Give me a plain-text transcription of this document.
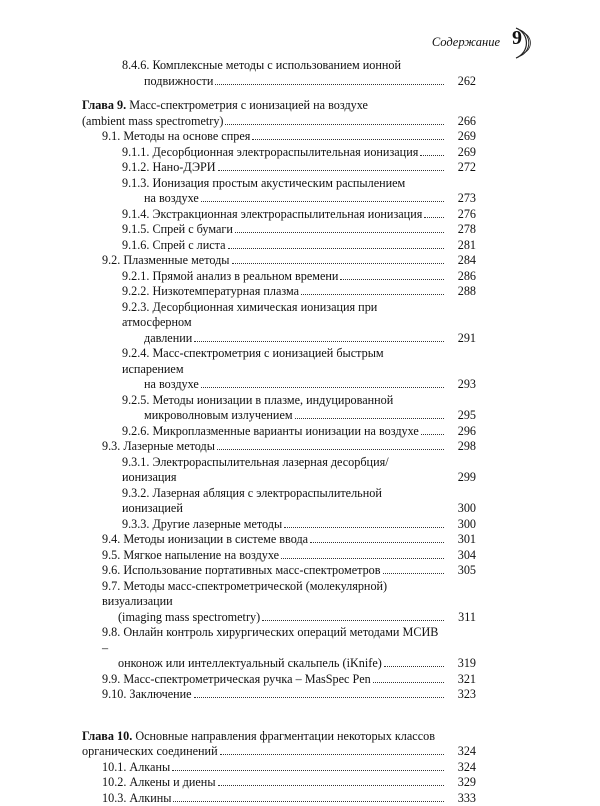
Содержание 9
8.4.6. Комплексные методы с использованием ионной
подвижности	262
Глава 9. Масс-спектрометрия с ионизацией на воздухе
(ambient mass spectrometry)	266
9.1. Методы на основе спрея	269
9.1.1. Десорбционная электрораспылительная ионизация	269
9.1.2. Нано-ДЭРИ	272
9.1.3. Ионизация простым акустическим распылением
на воздухе	273
9.1.4. Экстракционная электрораспылительная ионизация	276
9.1.5. Спрей с бумаги	278
9.1.6. Спрей с листа	281
9.2. Плазменные методы	284
9.2.1. Прямой анализ в реальном времени	286
9.2.2. Низкотемпературная плазма	288
9.2.3. Десорбционная химическая ионизация при атмосферном
давлении	291
9.2.4. Масс-спектрометрия с ионизацией быстрым испарением
на воздухе	293
9.2.5. Методы ионизации в плазме, индуцированной
микроволновым излучением	295
9.2.6. Микроплазменные варианты ионизации на воздухе	296
9.3. Лазерные методы	298
9.3.1. Электрораспылительная лазерная десорбция/ионизация	299
9.3.2. Лазерная абляция с электрораспылительной ионизацией	300
9.3.3. Другие лазерные методы	300
9.4. Методы ионизации в системе ввода	301
9.5. Мягкое напыление на воздухе	304
9.6. Использование портативных масс-спектрометров	305
9.7. Методы масс-спектрометрической (молекулярной) визуализации
(imaging mass spectrometry)	311
9.8. Онлайн контроль хирургических операций методами МСИВ –
онконож или интеллектуальный скальпель (iKnife)	319
9.9. Масс-спектрометрическая ручка – MasSpec Pen	321
9.10. Заключение	323
Глава 10. Основные направления фрагментации некоторых классов
органических соединений	324
10.1. Алканы	324
10.2. Алкены и диены	329
10.3. Алкины	333
